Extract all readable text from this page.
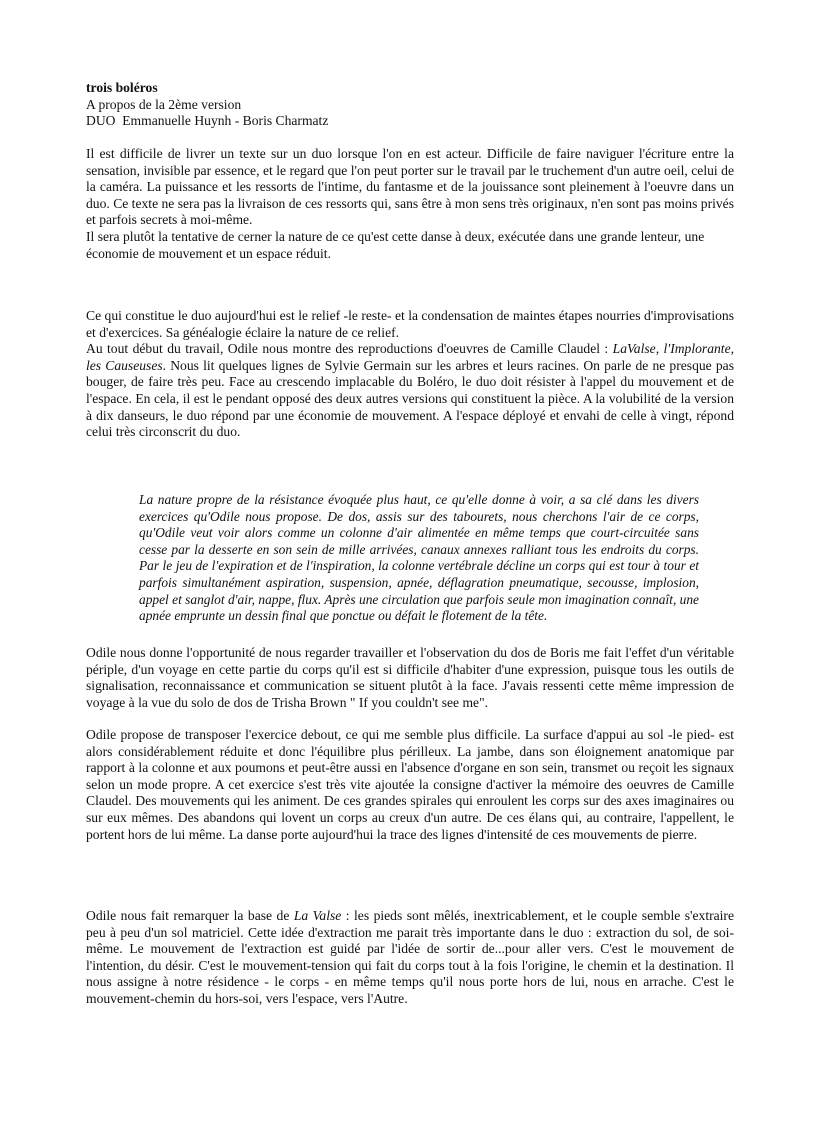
trois boléros
A propos de la 2ème version
DUO  Emmanuelle Huynh - Boris Charmatz

Il est difficile de livrer un texte sur un duo lorsque l'on en est acteur. Difficile de faire naviguer l'écriture entre la sensation, invisible par essence, et le regard que l'on peut porter sur le travail par le truchement d'un autre oeil, celui de la caméra. La puissance et les ressorts de l'intime, du fantasme et de la jouissance sont pleinement à l'oeuvre dans un duo. Ce texte ne sera pas la livraison de ces ressorts qui, sans être à mon sens très originaux, n'en sont pas moins privés et parfois secrets à moi-même.

Il sera plutôt la tentative de cerner la nature de ce qu'est cette danse à deux, exécutée dans une grande lenteur, une économie de mouvement et un espace réduit.

Ce qui constitue le duo aujourd'hui est le relief -le reste- et la condensation de maintes étapes nourries d'improvisations et d'exercices. Sa généalogie éclaire la nature de ce relief.

Au tout début du travail, Odile nous montre des reproductions d'oeuvres de Camille Claudel : LaValse, l'Implorante, les Causeuses. Nous lit quelques lignes de Sylvie Germain sur les arbres et leurs racines. On parle de ne presque pas bouger, de faire très peu. Face au crescendo implacable du Boléro, le duo doit résister à l'appel du mouvement et de l'espace. En cela, il est le pendant opposé des deux autres versions qui constituent la pièce. A la volubilité de la version à dix danseurs, le duo répond par une économie de mouvement. A l'espace déployé et envahi de celle à vingt, répond celui très circonscrit du duo.

La nature propre de la résistance évoquée plus haut, ce qu'elle donne à voir, a sa clé dans les divers exercices qu'Odile nous propose. De dos, assis sur des tabourets, nous cherchons l'air de ce corps, qu'Odile veut voir alors comme un colonne d'air alimentée en même temps que court-circuitée sans cesse par la desserte en son sein de mille arrivées, canaux annexes ralliant tous les endroits du corps. Par le jeu de l'expiration et de l'inspiration, la colonne vertébrale décline un corps qui est tour à tour et parfois simultanément aspiration, suspension, apnée, déflagration pneumatique, secousse, implosion, appel et sanglot d'air, nappe, flux. Après une circulation que parfois seule mon imagination connaît, une apnée emprunte un dessin final que ponctue ou défait le flotement de la tête.

Odile nous donne l'opportunité de nous regarder travailler et l'observation du dos de Boris me fait l'effet d'un véritable périple, d'un voyage en cette partie du corps qu'il est si difficile d'habiter d'une expression, puisque tous les outils de signalisation, reconnaissance et communication se situent plutôt à la face. J'avais ressenti cette même impression de voyage à la vue du solo de dos de Trisha Brown " If you couldn't see me".

Odile propose de transposer l'exercice debout, ce qui me semble plus difficile. La surface d'appui au sol -le pied- est alors considérablement réduite et donc l'équilibre plus périlleux. La jambe, dans son éloignement anatomique par rapport à la colonne et aux poumons et peut-être aussi en l'absence d'organe en son sein, transmet ou reçoit les signaux selon un mode propre. A cet exercice s'est très vite ajoutée la consigne d'activer la mémoire des oeuvres de Camille Claudel. Des mouvements qui les animent. De ces grandes spirales qui enroulent les corps sur des axes imaginaires ou sur eux mêmes. Des abandons qui lovent un corps au creux d'un autre. De ces élans qui, au contraire, l'appellent, le portent hors de lui même. La danse porte aujourd'hui la trace des lignes d'intensité de ces mouvements de pierre.

Odile nous fait remarquer la base de La Valse : les pieds sont mêlés, inextricablement, et le couple semble s'extraire peu à peu d'un sol matriciel. Cette idée d'extraction me parait très importante dans le duo : extraction du sol, de soi-même. Le mouvement de l'extraction est guidé par l'idée de sortir de...pour aller vers. C'est le mouvement de l'intention, du désir. C'est le mouvement-tension qui fait du corps tout à la fois l'origine, le chemin et la destination. Il nous assigne à notre résidence - le corps - en même temps qu'il nous porte hors de lui, nous en arrache. C'est le mouvement-chemin du hors-soi, vers l'espace, vers l'Autre.
